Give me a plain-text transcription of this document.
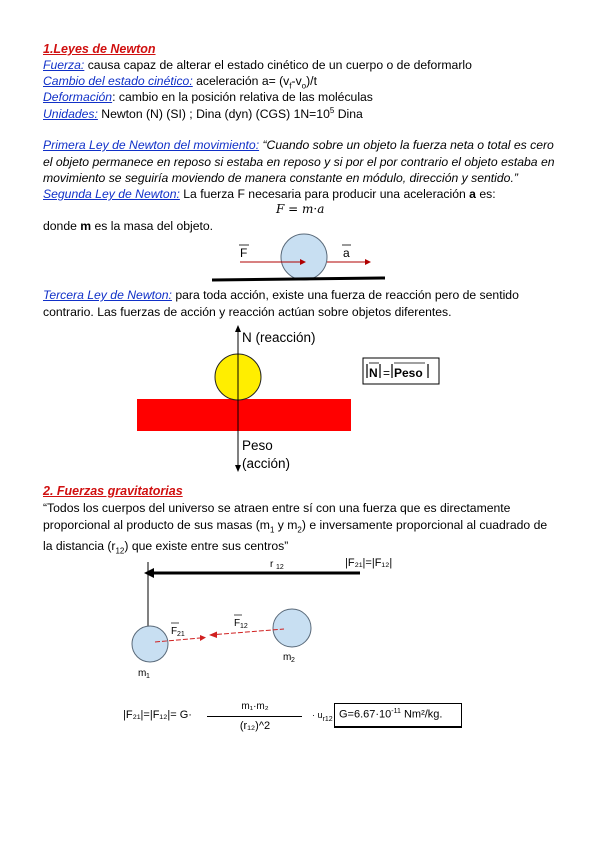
1.Leyes de Newton
Fuerza: causa capaz de alterar el estado cinético de un cuerpo o de deformarlo
Cambio del estado cinético: aceleración $a= (v_f-v_o)/t$
Deformación: cambio en la posición relativa de las moléculas
Unidades: Newton (N) (SI) ; Dina (dyn) (CGS) $1N=10^5$ Dina
Primera Ley de Newton del movimiento: “Cuando sobre un objeto la fuerza neta o total es cero el objeto permanece en reposo si estaba en reposo y si por el por contrario el objeto estaba en movimiento se seguiría moviendo de manera constante en módulo, dirección y sentido.”
Segunda Ley de Newton: La fuerza F necesaria para producir una aceleración a es:
F = m·a
donde m es la masa del objeto.
F	a
Tercera Ley de Newton: para toda acción, existe una fuerza de reacción pero de sentido contrario. Las fuerzas de acción y reacción actúan sobre objetos diferentes.
N (reacción)
Peso
(acción)
N = Peso
2. Fuerzas gravitatorias
“Todos los cuerpos del universo se atraen entre sí con una fuerza que es directamente proporcional al producto de sus masas ($m_1$ y $m_2$) e inversamente proporcional al cuadrado de la distancia $(r_{12})$ que existe entre sus centros”
r 12
F 21
F 12
m 1
m 2
|F₂₁|=|F₁₂|
|F₂₁|=|F₁₂|= G·
m₁·m₂
(r₁₂)^2
· $u_{r12}$ $G=6.67\cdot 10^{-11}$ Nm²/kg.
